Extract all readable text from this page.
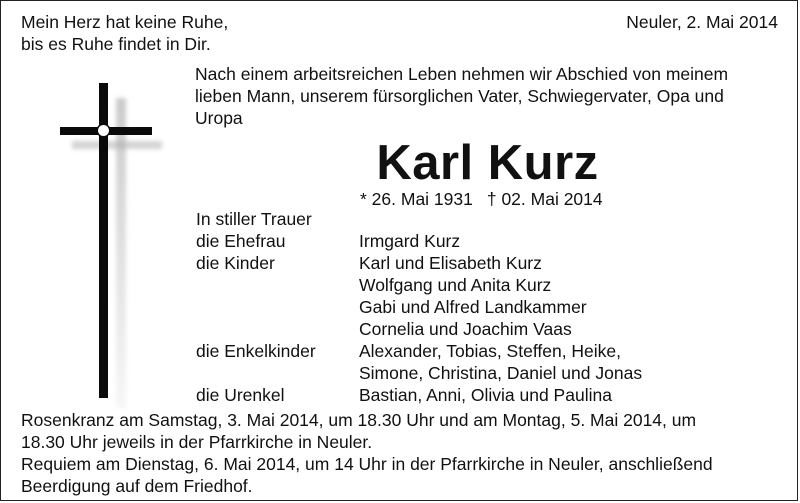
Mein Herz hat keine Ruhe,
bis es Ruhe findet in Dir.
Neuler, 2. Mai 2014
Nach einem arbeitsreichen Leben nehmen wir Abschied von meinem
lieben Mann, unserem fürsorglichen Vater, Schwiegervater, Opa und
Uropa
Karl Kurz
* 26. Mai 1931 † 02. Mai 2014
In stiller Trauer
die Ehefrau	Irmgard Kurz
die Kinder	Karl und Elisabeth Kurz
Wolfgang und Anita Kurz
Gabi und Alfred Landkammer
Cornelia und Joachim Vaas
die Enkelkinder Alexander, Tobias, Steffen, Heike,
Simone, Christina, Daniel und Jonas
die Urenkel	Bastian, Anni, Olivia und Paulina
Rosenkranz am Samstag, 3. Mai 2014, um 18.30 Uhr und am Montag, 5. Mai 2014, um
18.30 Uhr jeweils in der Pfarrkirche in Neuler.
Requiem am Dienstag, 6. Mai 2014, um 14 Uhr in der Pfarrkirche in Neuler, anschließend
Beerdigung auf dem Friedhof.
